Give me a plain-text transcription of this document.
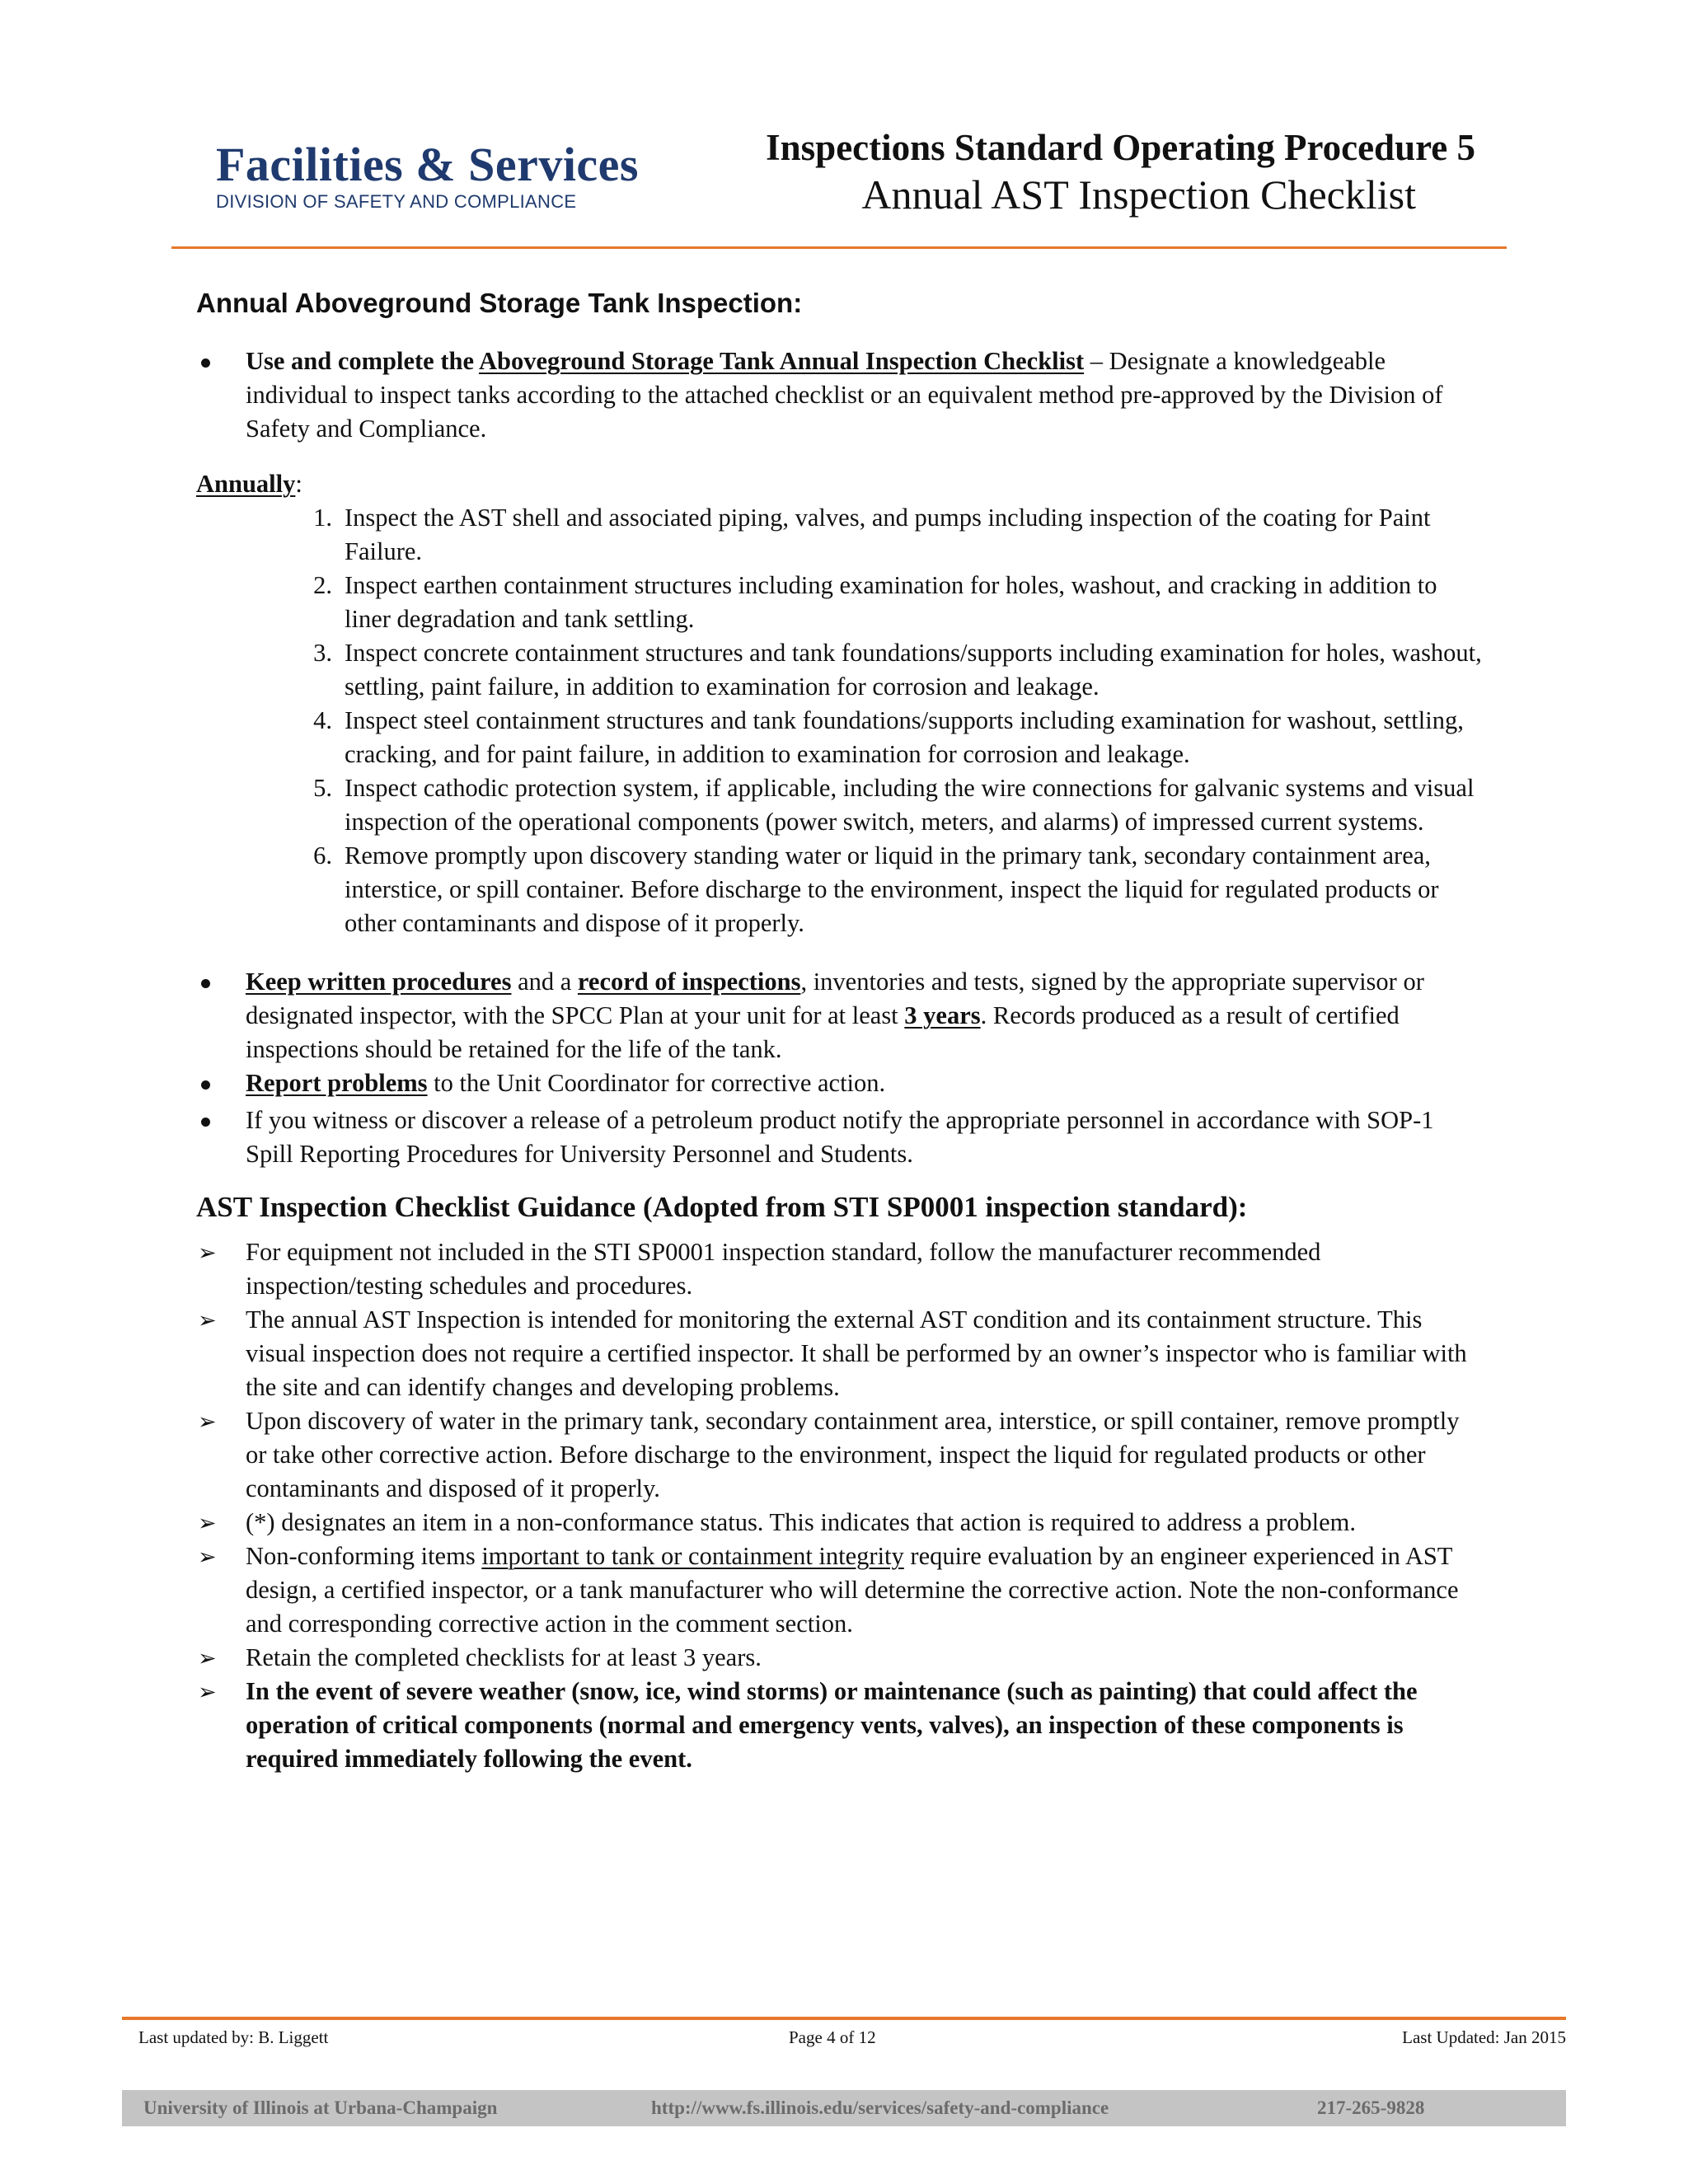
Facilities & Services
DIVISION OF SAFETY AND COMPLIANCE
Inspections Standard Operating Procedure 5
Annual AST Inspection Checklist
Annual Aboveground Storage Tank Inspection:
Use and complete the Aboveground Storage Tank Annual Inspection Checklist – Designate a knowledgeable individual to inspect tanks according to the attached checklist or an equivalent method pre-approved by the Division of Safety and Compliance.
Annually:
1. Inspect the AST shell and associated piping, valves, and pumps including inspection of the coating for Paint Failure.
2. Inspect earthen containment structures including examination for holes, washout, and cracking in addition to liner degradation and tank settling.
3. Inspect concrete containment structures and tank foundations/supports including examination for holes, washout, settling, paint failure, in addition to examination for corrosion and leakage.
4. Inspect steel containment structures and tank foundations/supports including examination for washout, settling, cracking, and for paint failure, in addition to examination for corrosion and leakage.
5. Inspect cathodic protection system, if applicable, including the wire connections for galvanic systems and visual inspection of the operational components (power switch, meters, and alarms) of impressed current systems.
6. Remove promptly upon discovery standing water or liquid in the primary tank, secondary containment area, interstice, or spill container. Before discharge to the environment, inspect the liquid for regulated products or other contaminants and dispose of it properly.
Keep written procedures and a record of inspections, inventories and tests, signed by the appropriate supervisor or designated inspector, with the SPCC Plan at your unit for at least 3 years. Records produced as a result of certified inspections should be retained for the life of the tank.
Report problems to the Unit Coordinator for corrective action.
If you witness or discover a release of a petroleum product notify the appropriate personnel in accordance with SOP-1 Spill Reporting Procedures for University Personnel and Students.
AST Inspection Checklist Guidance (Adopted from STI SP0001 inspection standard):
➢
For equipment not included in the STI SP0001 inspection standard, follow the manufacturer recommended inspection/testing schedules and procedures.
➢
The annual AST Inspection is intended for monitoring the external AST condition and its containment structure. This visual inspection does not require a certified inspector. It shall be performed by an owner’s inspector who is familiar with the site and can identify changes and developing problems.
➢
Upon discovery of water in the primary tank, secondary containment area, interstice, or spill container, remove promptly or take other corrective action. Before discharge to the environment, inspect the liquid for regulated products or other contaminants and disposed of it properly.
➢
(*) designates an item in a non-conformance status. This indicates that action is required to address a problem.
➢
Non-conforming items important to tank or containment integrity require evaluation by an engineer experienced in AST design, a certified inspector, or a tank manufacturer who will determine the corrective action. Note the non-conformance and corresponding corrective action in the comment section.
➢
Retain the completed checklists for at least 3 years.
➢
In the event of severe weather (snow, ice, wind storms) or maintenance (such as painting) that could affect the operation of critical components (normal and emergency vents, valves), an inspection of these components is required immediately following the event.
Last updated by: B. Liggett	Page 4 of 12	Last Updated: Jan 2015
University of Illinois at Urbana-Champaign	http://www.fs.illinois.edu/services/safety-and-compliance	217-265-9828
